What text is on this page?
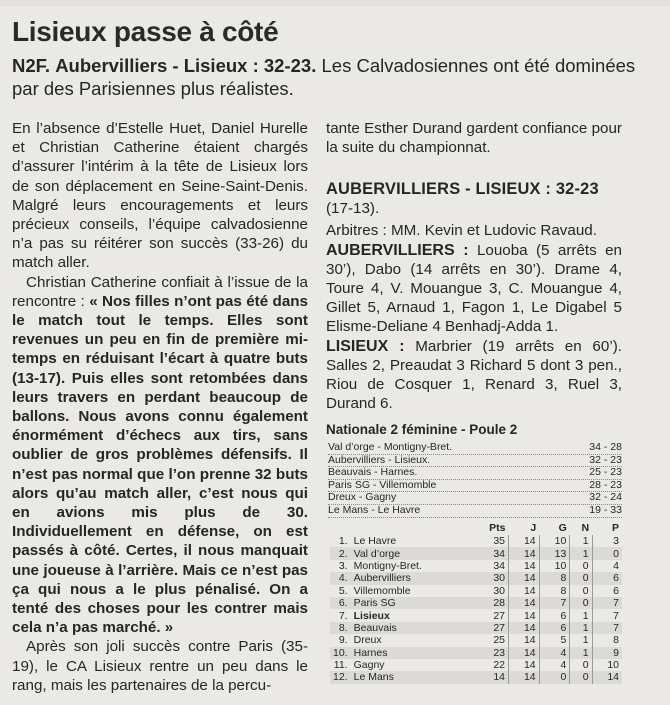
Lisieux passe à côté

N2F. Aubervilliers - Lisieux : 32-23. Les Calvadosiennes ont été dominées par des Parisiennes plus réalistes.

En l’absence d’Estelle Huet, Daniel Hurelle et Christian Catherine étaient chargés d’assurer l’intérim à la tête de Lisieux lors de son déplacement en Seine-Saint-Denis. Malgré leurs encouragements et leurs précieux conseils, l’équipe calvadosienne n’a pas su réitérer son succès (33-26) du match aller.

Christian Catherine confiait à l’issue de la rencontre : « Nos filles n’ont pas été dans le match tout le temps. Elles sont revenues un peu en fin de première mi-temps en réduisant l’écart à quatre buts (13-17). Puis elles sont retombées dans leurs travers en perdant beaucoup de ballons. Nous avons connu également énormément d’échecs aux tirs, sans oublier de gros problèmes défensifs. Il n’est pas normal que l’on prenne 32 buts alors qu’au match aller, c’est nous qui en avions mis plus de 30. Individuellement en défense, on est passés à côté. Certes, il nous manquait une joueuse à l’arrière. Mais ce n’est pas ça qui nous a le plus pénalisé. On a tenté des choses pour les contrer mais cela n’a pas marché. »

Après son joli succès contre Paris (35-19), le CA Lisieux rentre un peu dans le rang, mais les partenaires de la percu-

tante Esther Durand gardent confiance pour la suite du championnat.

AUBERVILLIERS - LISIEUX : 32-23

(17-13).

Arbitres : MM. Kevin et Ludovic Ravaud.

AUBERVILLIERS : Louoba (5 arrêts en 30’), Dabo (14 arrêts en 30’). Drame 4, Toure 4, V. Mouangue 3, C. Mouangue 4, Gillet 5, Arnaud 1, Fagon 1, Le Digabel 5 Elisme-Deliane 4 Benhadj-Adda 1.

LISIEUX : Marbrier (19 arrêts en 60’). Salles 2, Preaudat 3 Richard 5 dont 3 pen., Riou de Cosquer 1, Renard 3, Ruel 3, Durand 6.

Nationale 2 féminine - Poule 2
Val d’orge - Montigny-Bret.	34 - 28
Aubervilliers - Lisieux.	32 - 23
Beauvais - Harnes.	25 - 23
Paris SG - Villemomble	28 - 23
Dreux - Gagny	32 - 24
Le Mans - Le Havre	19 - 33
		Pts	J	G	N	P
1.	Le Havre	35	14	10	1	3
2.	Val d’orge	34	14	13	1	0
3.	Montigny-Bret.	34	14	10	0	4
4.	Aubervilliers	30	14	8	0	6
5.	Villemomble	30	14	8	0	6
6.	Paris SG	28	14	7	0	7
7.	Lisieux	27	14	6	1	7
8.	Beauvais	27	14	6	1	7
9.	Dreux	25	14	5	1	8
10.	Harnes	23	14	4	1	9
11.	Gagny	22	14	4	0	10
12.	Le Mans	14	14	0	0	14
